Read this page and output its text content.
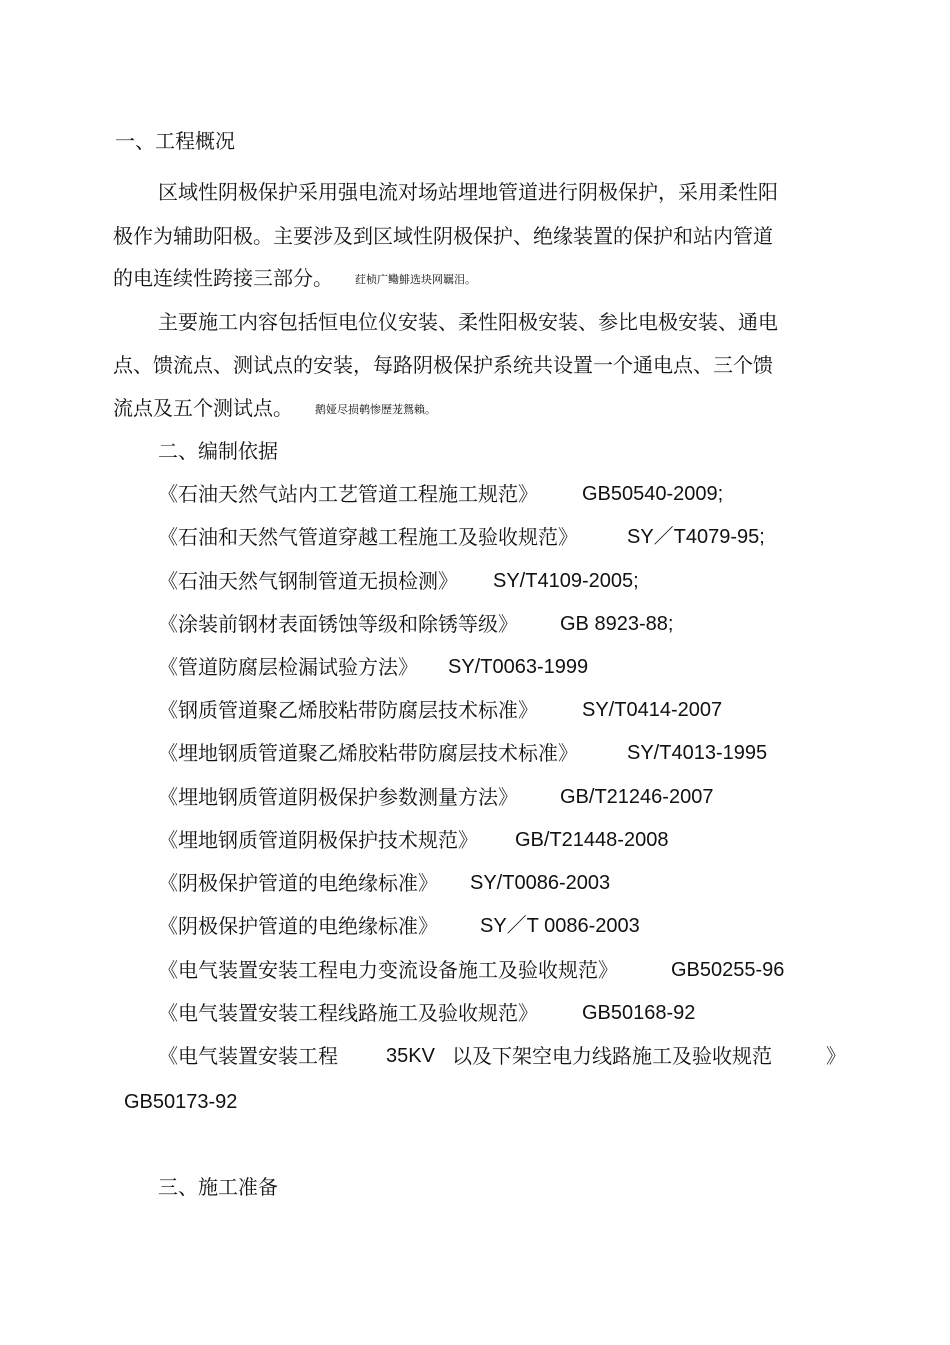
一、工程概况
区域性阴极保护采用强电流对场站埋地管道进行阴极保护，采用柔性阳
极作为辅助阳极。主要涉及到区域性阴极保护、绝缘装置的保护和站内管道
的电连续性跨接三部分。 荭桢广鳓鯡选块网羈泪。
主要施工内容包括恒电位仪安装、柔性阳极安装、参比电极安装、通电
点、馈流点、测试点的安装，每路阴极保护系统共设置一个通电点、三个馈
流点及五个测试点。 鹅娅尽损鹌惨歷茏鴛賴。
二、编制依据
《石油天然气站内工艺管道工程施工规范》 GB50540-2009;
《石油和天然气管道穿越工程施工及验收规范》 SY／T4079-95;
《石油天然气钢制管道无损检测》 SY/T4109-2005;
《涂装前钢材表面锈蚀等级和除锈等级》 GB 8923-88;
《管道防腐层检漏试验方法》 SY/T0063-1999
《钢质管道聚乙烯胶粘带防腐层技术标准》 SY/T0414-2007
《埋地钢质管道聚乙烯胶粘带防腐层技术标准》 SY/T4013-1995
《埋地钢质管道阴极保护参数测量方法》 GB/T21246-2007
《埋地钢质管道阴极保护技术规范》 GB/T21448-2008
《阴极保护管道的电绝缘标准》 SY/T0086-2003
《阴极保护管道的电绝缘标准》 SY／T 0086-2003
《电气装置安装工程电力变流设备施工及验收规范》	GB50255-96
《电气装置安装工程线路施工及验收规范》 GB50168-92
《电气装置安装工程 35KV 以及下架空电力线路施工及验收规范	》
GB50173-92
三、施工准备
